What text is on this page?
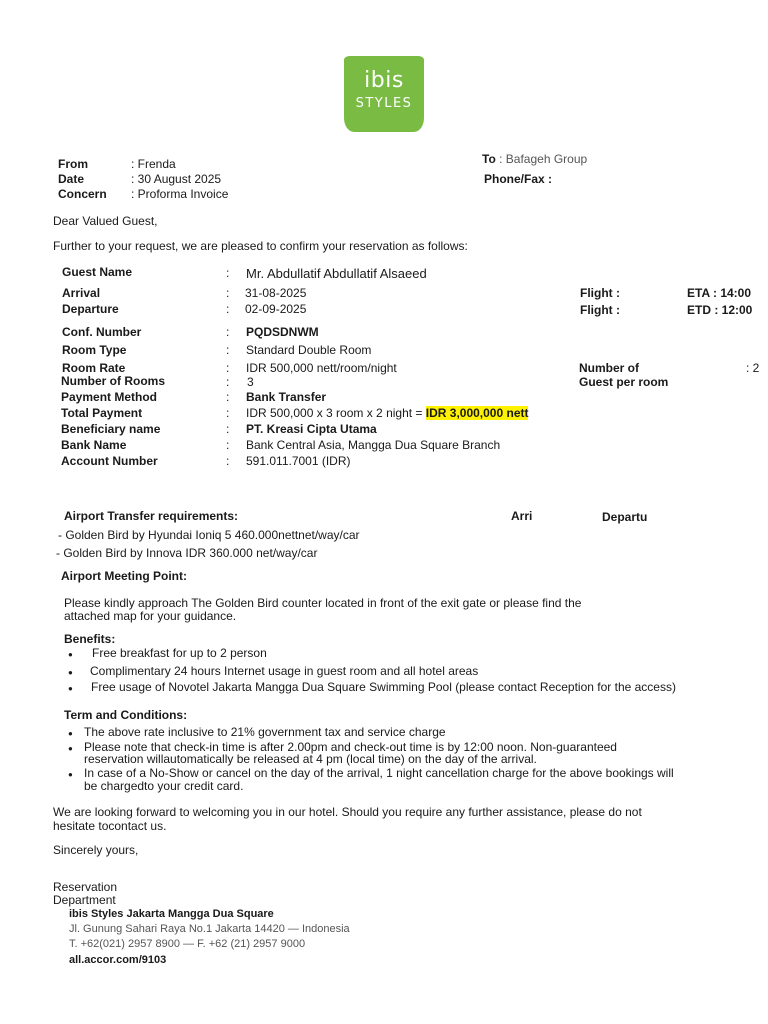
ibis
STYLES
From	: Frenda
Date	: 30 August 2025
Concern : Proforma Invoice
To : Bafageh Group
Phone/Fax :
Dear Valued Guest,
Further to your request, we are pleased to confirm your reservation as follows:
Guest Name	: Mr. Abdullatif Abdullatif Alsaeed
Arrival	: 31-08-2025	Flight :	ETA : 14:00
Departure	: 02-09-2025	Flight :	ETD : 12:00
Conf. Number	: PQDSDNWM
Room Type	: Standard Double Room
Room Rate	: IDR 500,000 nett/room/night	Number of	: 2
Number of Rooms	: 3	Guest per room
Payment Method	: Bank Transfer
Total Payment	: IDR 500,000 x 3 room x 2 night = IDR 3,000,000 nett
Beneficiary name	: PT. Kreasi Cipta Utama
Bank Name	: Bank Central Asia, Mangga Dua Square Branch
Account Number	: 591.011.7001 (IDR)
Airport Transfer requirements:	Arri	Departu
- Golden Bird by Hyundai Ioniq 5 460.000nettnet/way/car
- Golden Bird by Innova IDR 360.000 net/way/car
Airport Meeting Point:
Please kindly approach The Golden Bird counter located in front of the exit gate or please find the
attached map for your guidance.
Benefits:
● Free breakfast for up to 2 person
● Complimentary 24 hours Internet usage in guest room and all hotel areas
● Free usage of Novotel Jakarta Mangga Dua Square Swimming Pool (please contact Reception for the access)
Term and Conditions:
● The above rate inclusive to 21% government tax and service charge
● Please note that check-in time is after 2.00pm and check-out time is by 12:00 noon. Non-guaranteed
reservation willautomatically be released at 4 pm (local time) on the day of the arrival.
● In case of a No-Show or cancel on the day of the arrival, 1 night cancellation charge for the above bookings will
be chargedto your credit card.
We are looking forward to welcoming you in our hotel. Should you require any further assistance, please do not
hesitate tocontact us.
Sincerely yours,
Reservation
Department
ibis Styles Jakarta Mangga Dua Square
Jl. Gunung Sahari Raya No.1 Jakarta 14420 — Indonesia
T. +62(021) 2957 8900 — F. +62 (21) 2957 9000
all.accor.com/9103
